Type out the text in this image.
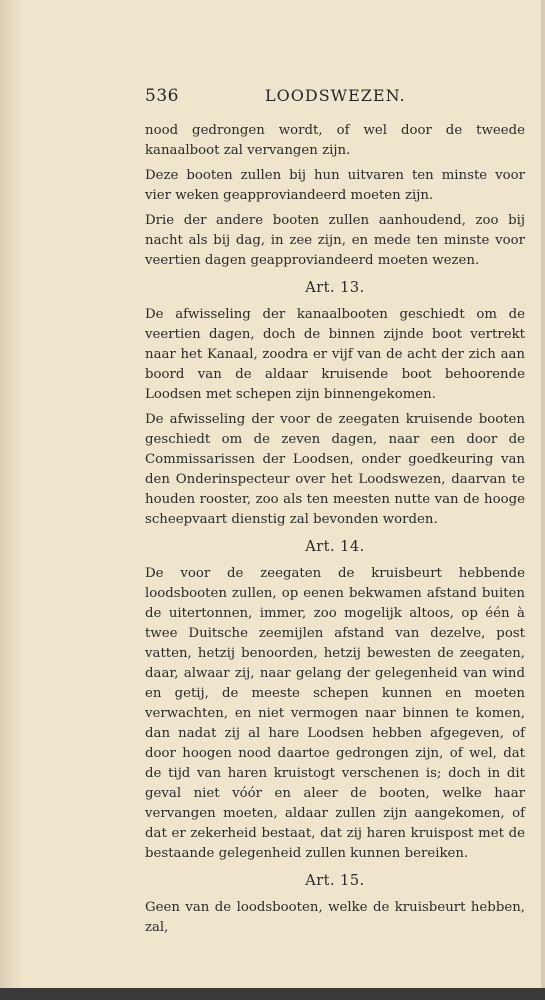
536	LOODSWEZEN.

nood gedrongen wordt, of wel door de tweede kanaalboot zal vervangen zijn.

Deze booten zullen bij hun uitvaren ten minste voor vier weken geapproviandeerd moeten zijn.

Drie der andere booten zullen aanhoudend, zoo bij nacht als bij dag, in zee zijn, en mede ten minste voor veertien dagen geapproviandeerd moeten wezen.

Art. 13.

De afwisseling der kanaalbooten geschiedt om de veertien dagen, doch de binnen zijnde boot vertrekt naar het Kanaal, zoodra er vijf van de acht der zich aan boord van de aldaar kruisende boot behoorende Loodsen met schepen zijn binnengekomen.

De afwisseling der voor de zeegaten kruisende booten geschiedt om de zeven dagen, naar een door de Commissarissen der Loodsen, onder goedkeuring van den Onderinspecteur over het Loodswezen, daarvan te houden rooster, zoo als ten meesten nutte van de hooge scheepvaart dienstig zal bevonden worden.

Art. 14.

De voor de zeegaten de kruisbeurt hebbende loodsbooten zullen, op eenen bekwamen afstand buiten de uitertonnen, immer, zoo mogelijk altoos, op één à twee Duitsche zeemijlen afstand van dezelve, post vatten, hetzij benoorden, hetzij bewesten de zeegaten, daar, alwaar zij, naar gelang der gelegenheid van wind en getij, de meeste schepen kunnen en moeten verwachten, en niet vermogen naar binnen te komen, dan nadat zij al hare Loodsen hebben afgegeven, of door hoogen nood daartoe gedrongen zijn, of wel, dat de tijd van haren kruistogt verschenen is; doch in dit geval niet vóór en aleer de booten, welke haar vervangen moeten, aldaar zullen zijn aangekomen, of dat er zekerheid bestaat, dat zij haren kruispost met de bestaande gelegenheid zullen kunnen bereiken.

Art. 15.

Geen van de loodsbooten, welke de kruisbeurt hebben, zal,
